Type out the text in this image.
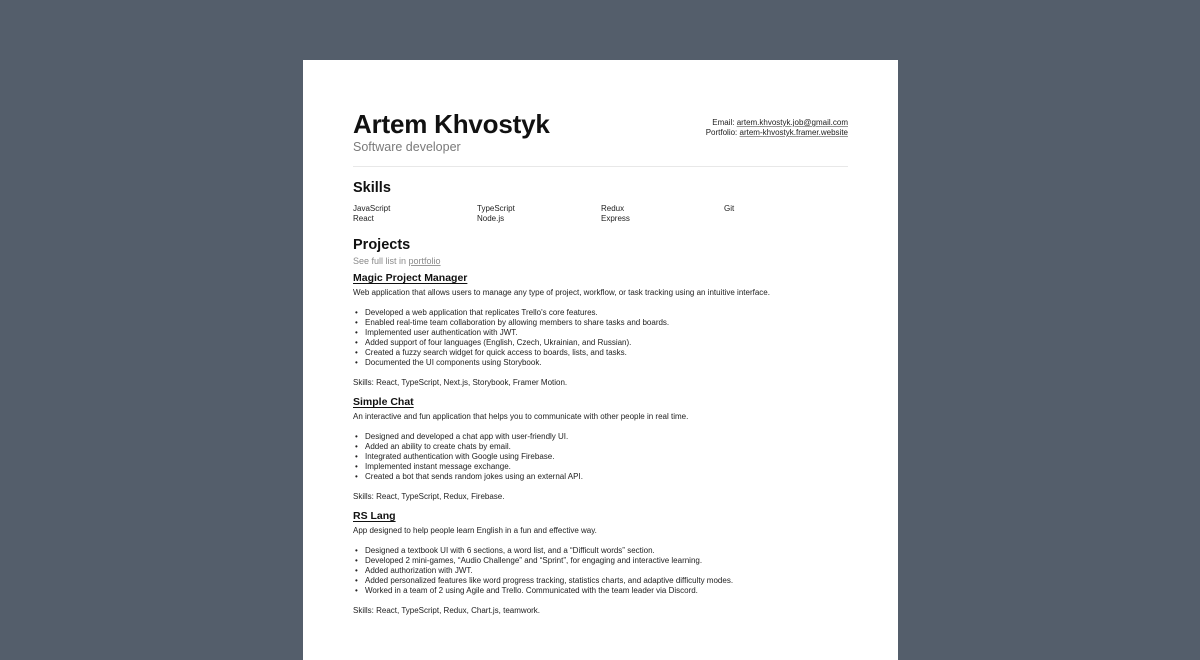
Artem Khvostyk
Software developer
Email: artem.khvostyk.job@gmail.com
Portfolio: artem-khvostyk.framer.website
Skills
JavaScript	TypeScript	Redux	Git
React	Node.js	Express
Projects
See full list in portfolio
Magic Project Manager
Web application that allows users to manage any type of project, workflow, or task tracking using an intuitive interface.
• Developed a web application that replicates Trello's core features.
• Enabled real-time team collaboration by allowing members to share tasks and boards.
• Implemented user authentication with JWT.
• Added support of four languages (English, Czech, Ukrainian, and Russian).
• Created a fuzzy search widget for quick access to boards, lists, and tasks.
• Documented the UI components using Storybook.
Skills: React, TypeScript, Next.js, Storybook, Framer Motion.
Simple Chat
An interactive and fun application that helps you to communicate with other people in real time.
• Designed and developed a chat app with user-friendly UI.
• Added an ability to create chats by email.
• Integrated authentication with Google using Firebase.
• Implemented instant message exchange.
• Created a bot that sends random jokes using an external API.
Skills: React, TypeScript, Redux, Firebase.
RS Lang
App designed to help people learn English in a fun and effective way.
• Designed a textbook UI with 6 sections, a word list, and a “Difficult words” section.
• Developed 2 mini-games, “Audio Challenge” and “Sprint”, for engaging and interactive learning.
• Added authorization with JWT.
• Added personalized features like word progress tracking, statistics charts, and adaptive difficulty modes.
• Worked in a team of 2 using Agile and Trello. Communicated with the team leader via Discord.
Skills: React, TypeScript, Redux, Chart.js, teamwork.
